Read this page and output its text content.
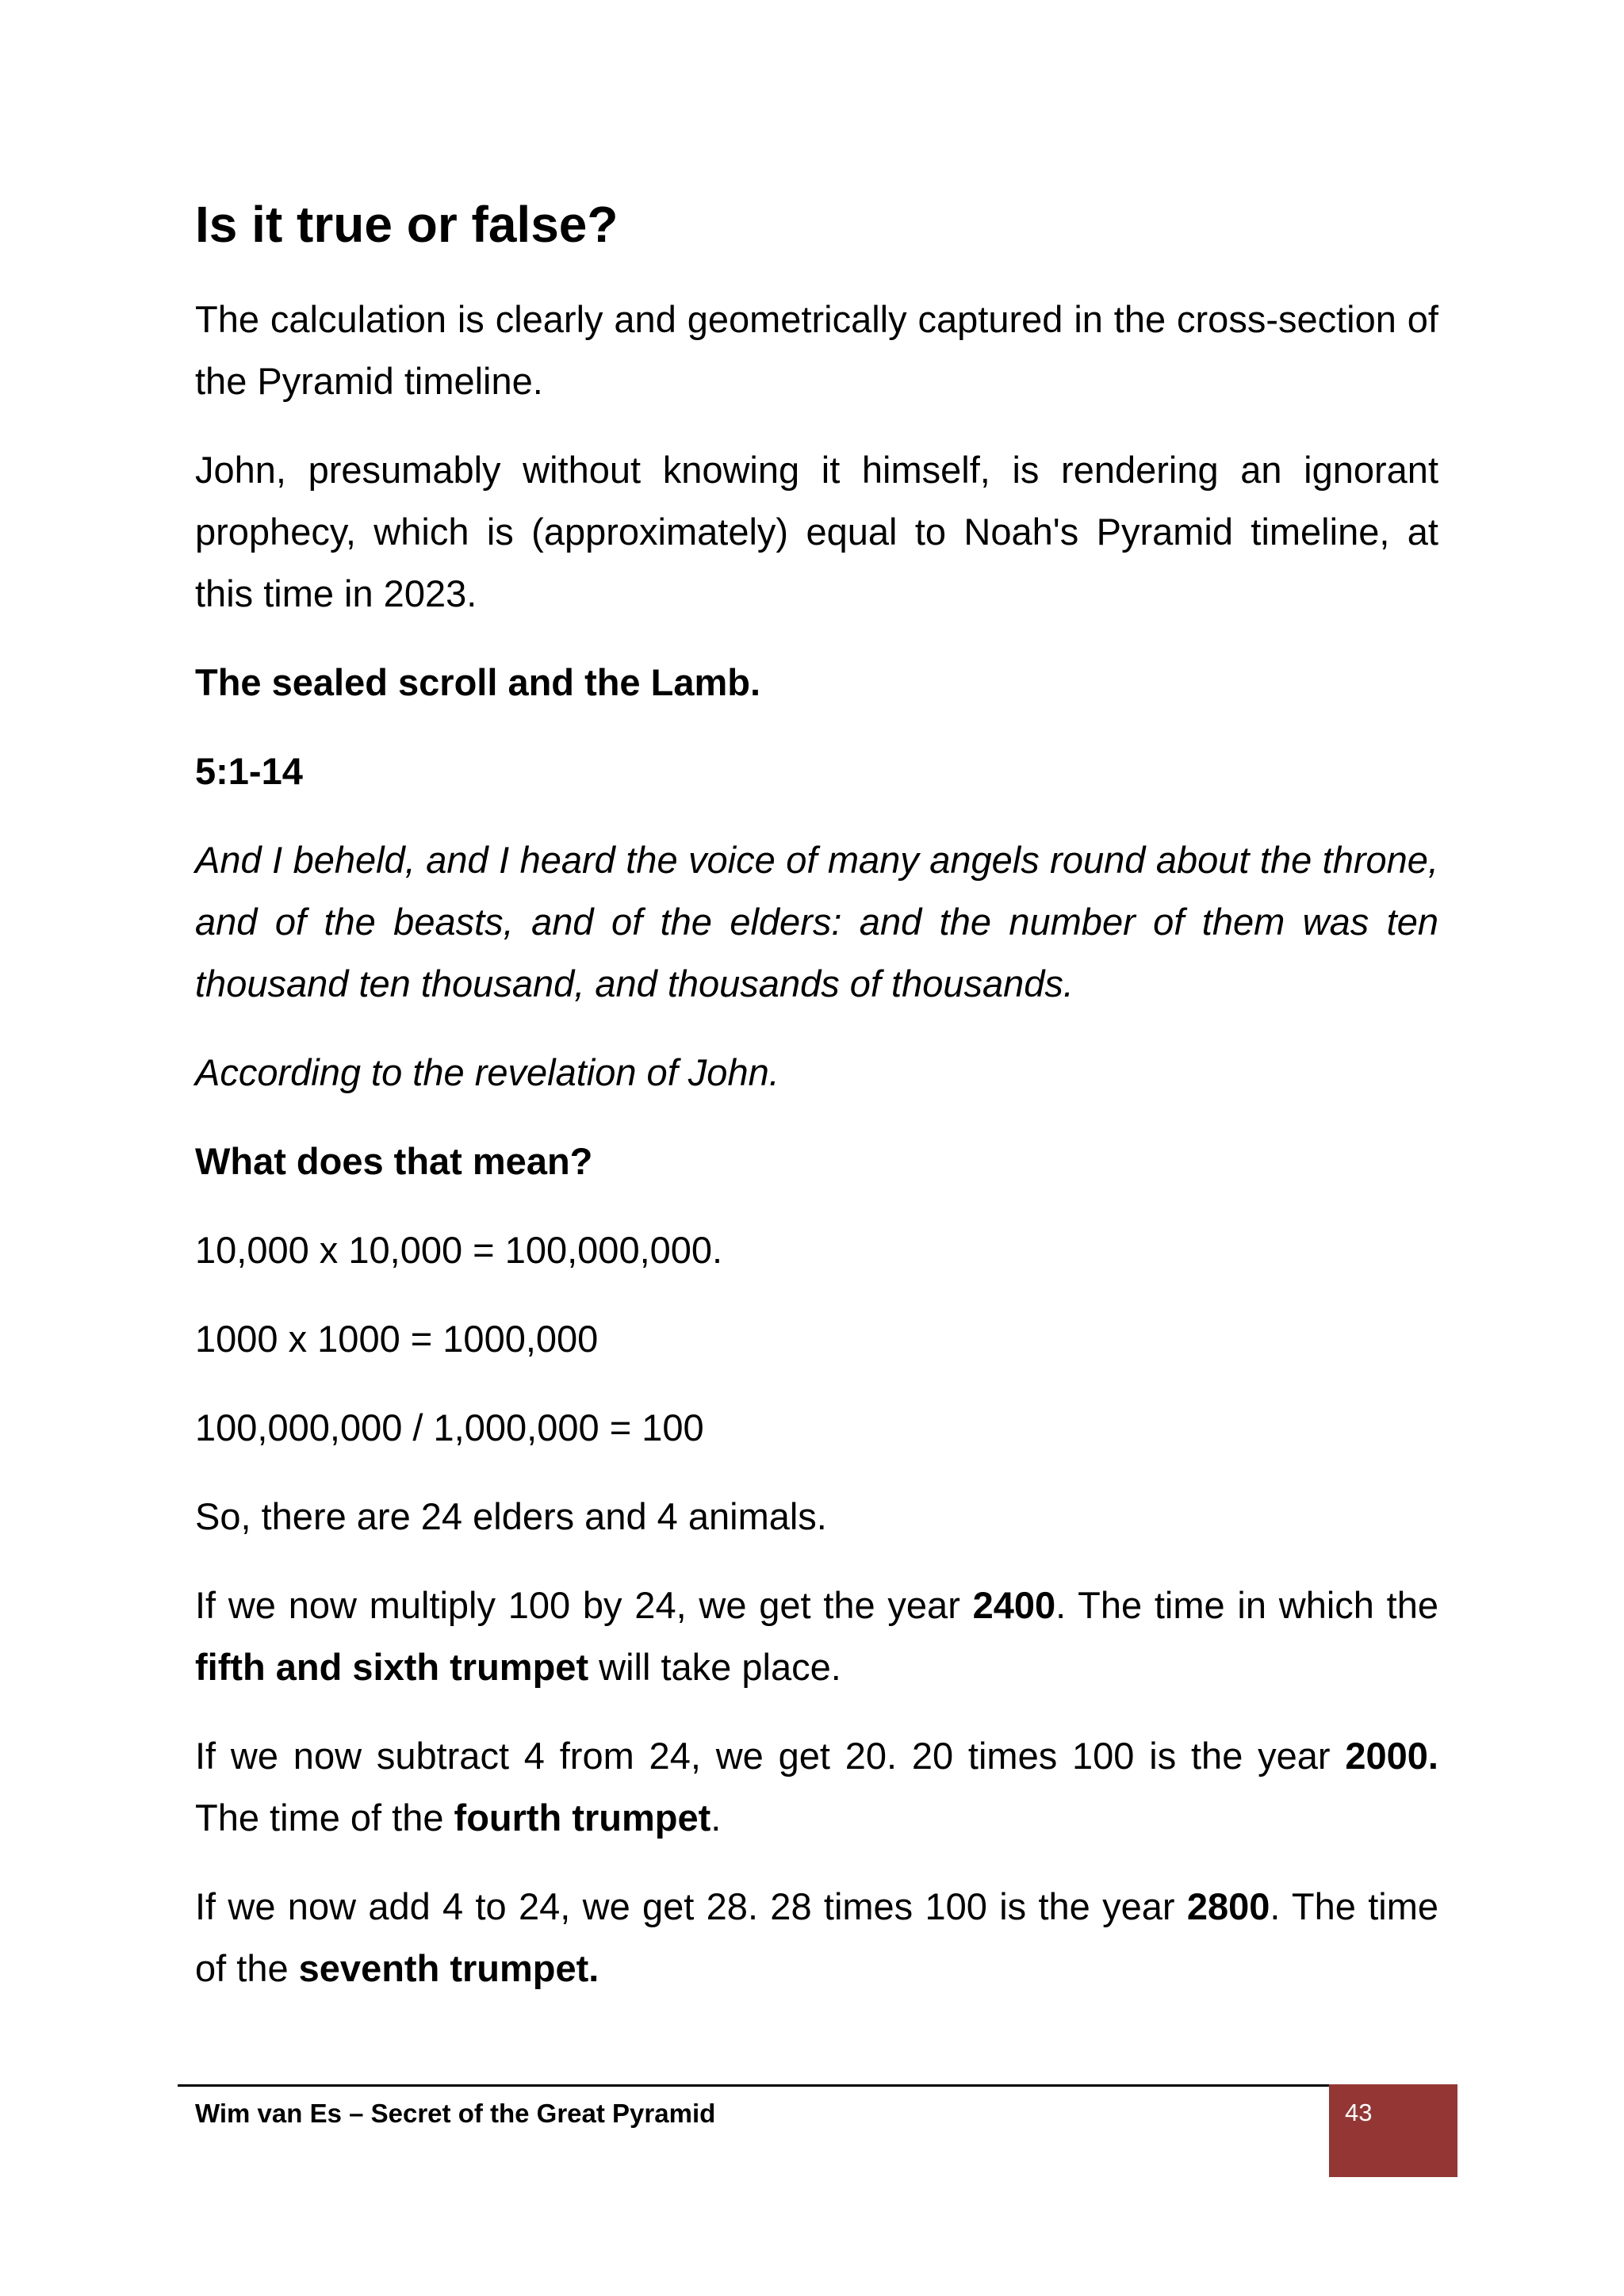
Is it true or false?

The calculation is clearly and geometrically captured in the cross-section of the Pyramid timeline.

John, presumably without knowing it himself, is rendering an ignorant prophecy, which is (approximately) equal to Noah's Pyramid timeline, at this time in 2023.

The sealed scroll and the Lamb.

5:1-14

And I beheld, and I heard the voice of many angels round about the throne, and of the beasts, and of the elders: and the number of them was ten thousand ten thousand, and thousands of thousands.

According to the revelation of John.

What does that mean?

10,000 x 10,000 = 100,000,000.

1000 x 1000 = 1000,000

100,000,000 / 1,000,000 = 100

So, there are 24 elders and 4 animals.

If we now multiply 100 by 24, we get the year 2400. The time in which the fifth and sixth trumpet will take place.

If we now subtract 4 from 24, we get 20. 20 times 100 is the year 2000. The time of the fourth trumpet.

If we now add 4 to 24, we get 28. 28 times 100 is the year 2800. The time of the seventh trumpet.

Wim van Es – Secret of the Great Pyramid	43
